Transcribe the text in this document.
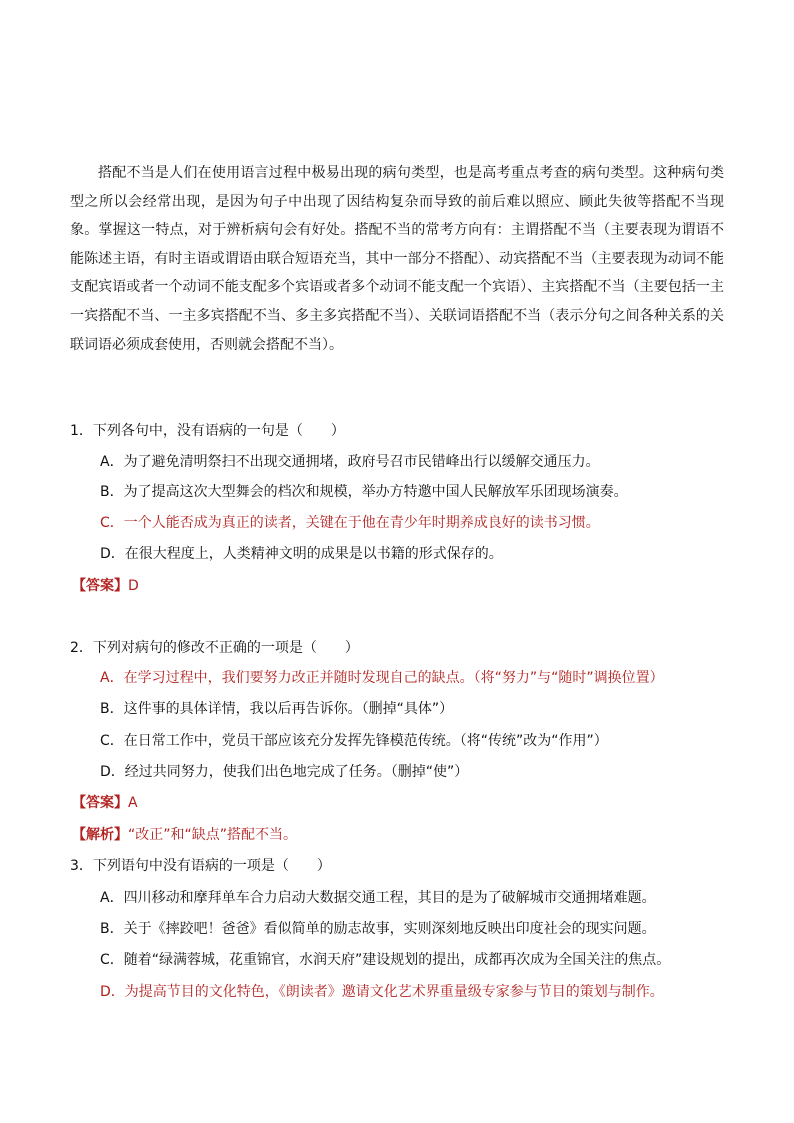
搭配不当是人们在使用语言过程中极易出现的病句类型，也是高考重点考查的病句类型。这种病句类型之所以会经常出现，是因为句子中出现了因结构复杂而导致的前后难以照应、顾此失彼等搭配不当现象。掌握这一特点，对于辨析病句会有好处。搭配不当的常考方向有：主谓搭配不当（主要表现为谓语不能陈述主语，有时主语或谓语由联合短语充当，其中一部分不搭配）、动宾搭配不当（主要表现为动词不能支配宾语或者一个动词不能支配多个宾语或者多个动词不能支配一个宾语）、主宾搭配不当（主要包括一主一宾搭配不当、一主多宾搭配不当、多主多宾搭配不当）、关联词语搭配不当（表示分句之间各种关系的关联词语必须成套使用，否则就会搭配不当）。

1．下列各句中，没有语病的一句是（　　）
A．为了避免清明祭扫不出现交通拥堵，政府号召市民错峰出行以缓解交通压力。
B．为了提高这次大型舞会的档次和规模，举办方特邀中国人民解放军乐团现场演奏。
C．一个人能否成为真正的读者，关键在于他在青少年时期养成良好的读书习惯。
D．在很大程度上，人类精神文明的成果是以书籍的形式保存的。
【答案】D
2．下列对病句的修改不正确的一项是（　　）
A．在学习过程中，我们要努力改正并随时发现自己的缺点。（将“努力”与“随时”调换位置）
B．这件事的具体详情，我以后再告诉你。（删掉“具体”）
C．在日常工作中，党员干部应该充分发挥先锋模范传统。（将“传统”改为“作用”）
D．经过共同努力，使我们出色地完成了任务。（删掉“使”）
【答案】A
【解析】“改正”和“缺点”搭配不当。
3．下列语句中没有语病的一项是（　　）
A．四川移动和摩拜单车合力启动大数据交通工程，其目的是为了破解城市交通拥堵难题。
B．关于《摔跤吧！爸爸》看似简单的励志故事，实则深刻地反映出印度社会的现实问题。
C．随着“绿满蓉城，花重锦官，水润天府”建设规划的提出，成都再次成为全国关注的焦点。
D．为提高节目的文化特色，《朗读者》邀请文化艺术界重量级专家参与节目的策划与制作。
